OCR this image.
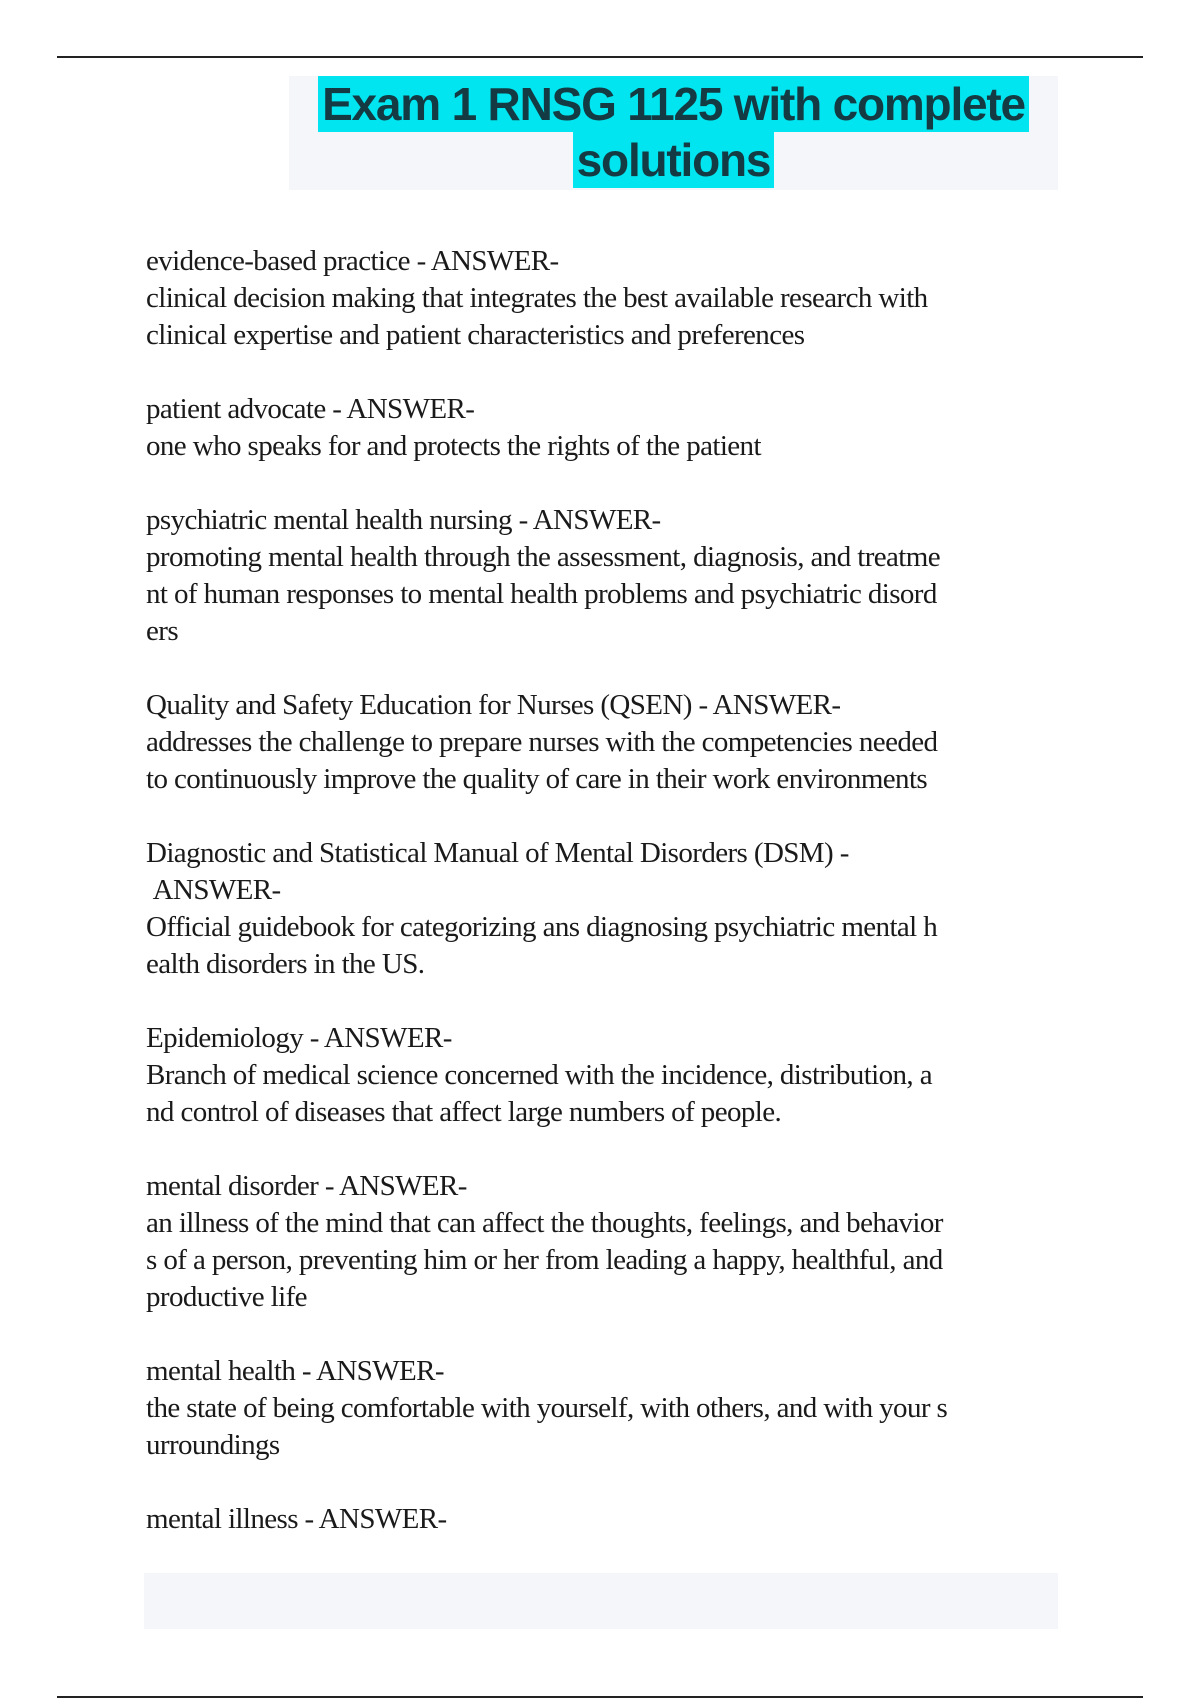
Exam 1 RNSG 1125 with complete
solutions
evidence-based practice - ANSWER-
clinical decision making that integrates the best available research with
clinical expertise and patient characteristics and preferences
patient advocate - ANSWER-
one who speaks for and protects the rights of the patient
psychiatric mental health nursing - ANSWER-
promoting mental health through the assessment, diagnosis, and treatme
nt of human responses to mental health problems and psychiatric disord
ers
Quality and Safety Education for Nurses (QSEN) - ANSWER-
addresses the challenge to prepare nurses with the competencies needed
to continuously improve the quality of care in their work environments
Diagnostic and Statistical Manual of Mental Disorders (DSM) -
ANSWER-
Official guidebook for categorizing ans diagnosing psychiatric mental h
ealth disorders in the US.
Epidemiology - ANSWER-
Branch of medical science concerned with the incidence, distribution, a
nd control of diseases that affect large numbers of people.
mental disorder - ANSWER-
an illness of the mind that can affect the thoughts, feelings, and behavior
s of a person, preventing him or her from leading a happy, healthful, and
productive life
mental health - ANSWER-
the state of being comfortable with yourself, with others, and with your s
urroundings
mental illness - ANSWER-
